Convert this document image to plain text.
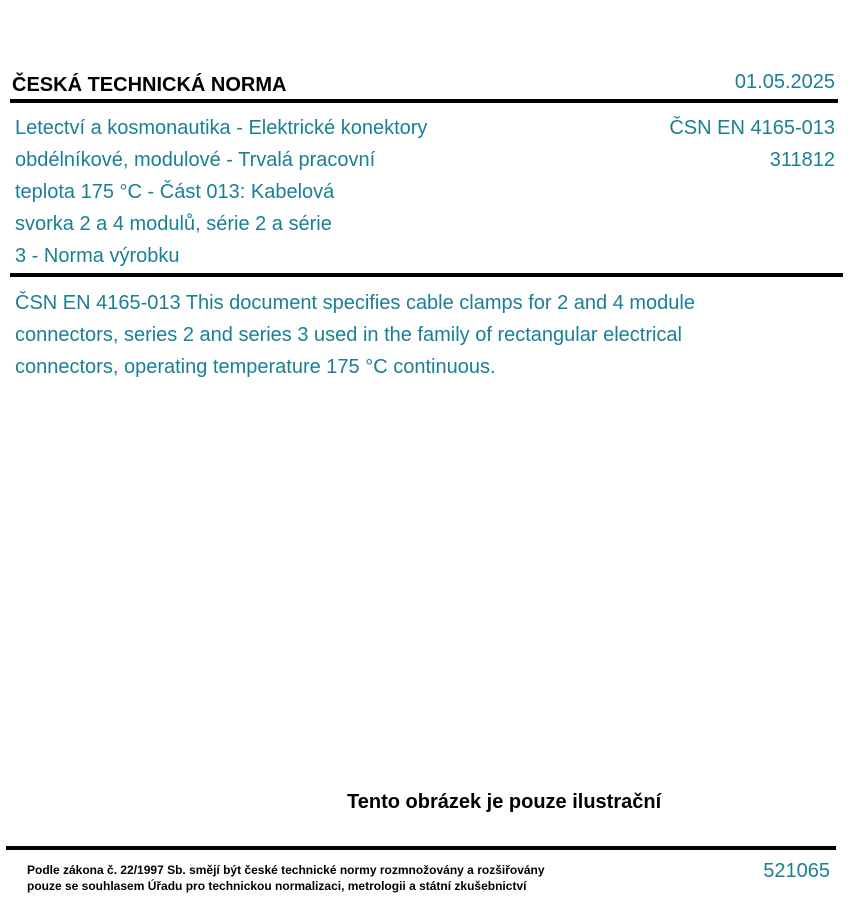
ČESKÁ TECHNICKÁ NORMA	01.05.2025
Letectví a kosmonautika - Elektrické konektory
obdélníkové, modulové - Trvalá pracovní
teplota 175 °C - Část 013: Kabelová
svorka 2 a 4 modulů, série 2 a série
3 - Norma výrobku
ČSN EN 4165-013
311812
ČSN EN 4165-013 This document specifies cable clamps for 2 and 4 module
connectors, series 2 and series 3 used in the family of rectangular electrical
connectors, operating temperature 175 °C continuous.
Tento obrázek je pouze ilustrační
Podle zákona č. 22/1997 Sb. smějí být české technické normy rozmnožovány a rozšiřovány
pouze se souhlasem Úřadu pro technickou normalizaci, metrologii a státní zkušebnictví
521065
